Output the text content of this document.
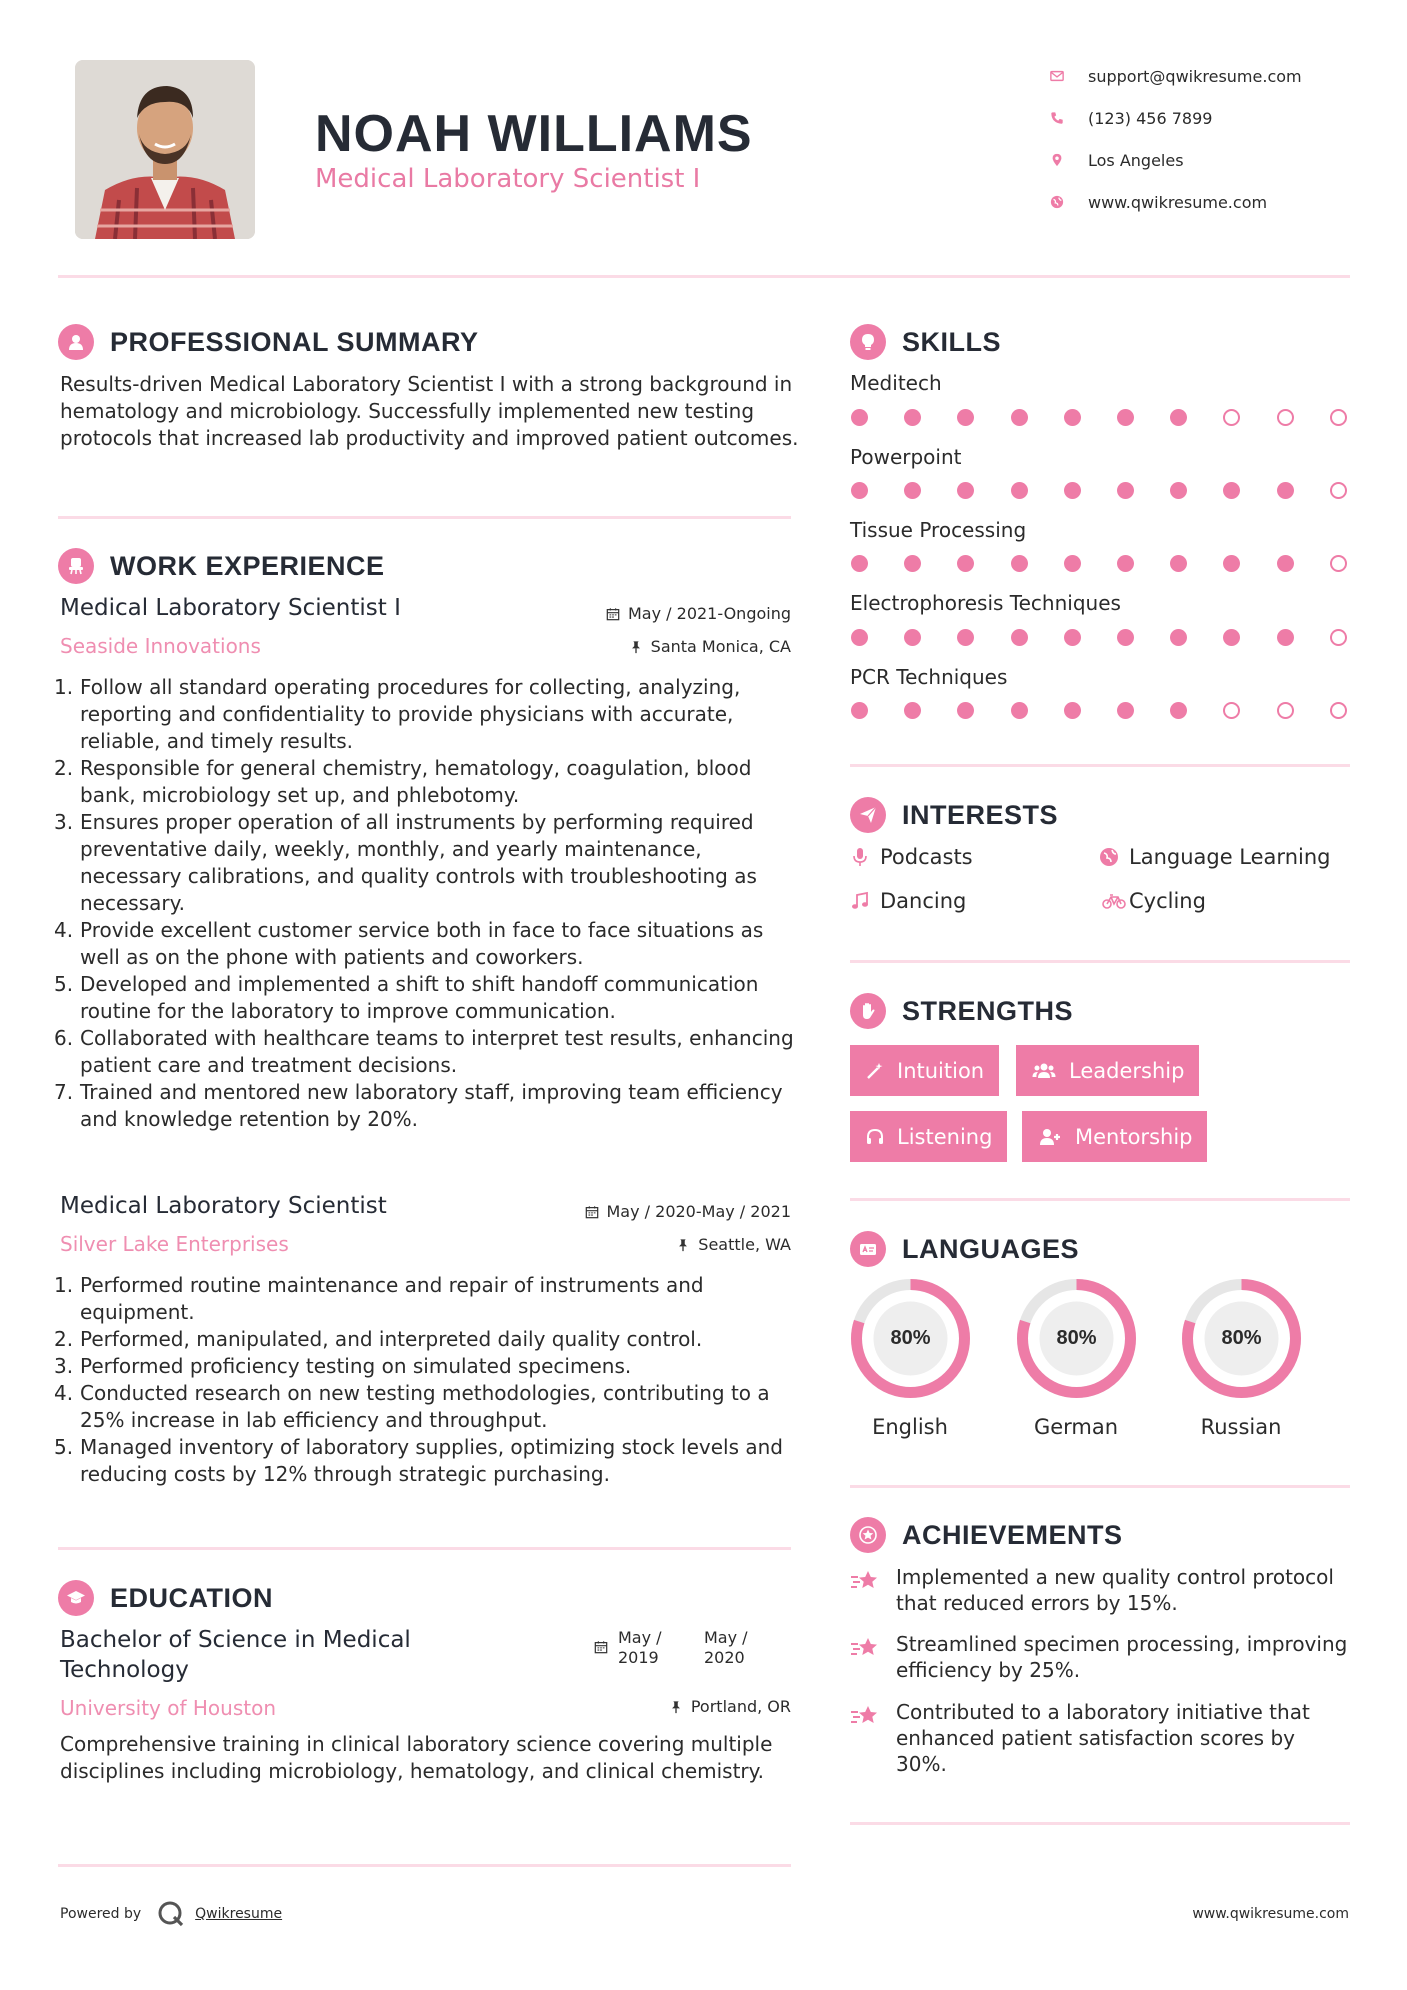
NOAH WILLIAMS
Medical Laboratory Scientist I
support@qwikresume.com
(123) 456 7899
Los Angeles
www.qwikresume.com
PROFESSIONAL SUMMARY
Results-driven Medical Laboratory Scientist I with a strong background in hematology and microbiology. Successfully implemented new testing protocols that increased lab productivity and improved patient outcomes.
WORK EXPERIENCE
Medical Laboratory Scientist I
Seaside Innovations
May / 2021-Ongoing
Santa Monica, CA
1. Follow all standard operating procedures for collecting, analyzing, reporting and confidentiality to provide physicians with accurate, reliable, and timely results.
2. Responsible for general chemistry, hematology, coagulation, blood bank, microbiology set up, and phlebotomy.
3. Ensures proper operation of all instruments by performing required preventative daily, weekly, monthly, and yearly maintenance, necessary calibrations, and quality controls with troubleshooting as necessary.
4. Provide excellent customer service both in face to face situations as well as on the phone with patients and coworkers.
5. Developed and implemented a shift to shift handoff communication routine for the laboratory to improve communication.
6. Collaborated with healthcare teams to interpret test results, enhancing patient care and treatment decisions.
7. Trained and mentored new laboratory staff, improving team efficiency and knowledge retention by 20%.
Medical Laboratory Scientist
Silver Lake Enterprises
May / 2020-May / 2021
Seattle, WA
1. Performed routine maintenance and repair of instruments and equipment.
2. Performed, manipulated, and interpreted daily quality control.
3. Performed proficiency testing on simulated specimens.
4. Conducted research on new testing methodologies, contributing to a 25% increase in lab efficiency and throughput.
5. Managed inventory of laboratory supplies, optimizing stock levels and reducing costs by 12% through strategic purchasing.
EDUCATION
Bachelor of Science in Medical Technology
May / 2019
May / 2020
University of Houston	Portland, OR
Comprehensive training in clinical laboratory science covering multiple disciplines including microbiology, hematology, and clinical chemistry.
SKILLS
Meditech
Powerpoint
Tissue Processing
Electrophoresis Techniques
PCR Techniques
INTERESTS
Podcasts	Language Learning
Dancing	Cycling
STRENGTHS
Intuition	Leadership
Listening	Mentorship
LANGUAGES
80%	80%	80%
English	German	Russian
ACHIEVEMENTS
Implemented a new quality control protocol that reduced errors by 15%.
Streamlined specimen processing, improving efficiency by 25%.
Contributed to a laboratory initiative that enhanced patient satisfaction scores by 30%.
Powered by	Qwikresume	www.qwikresume.com
